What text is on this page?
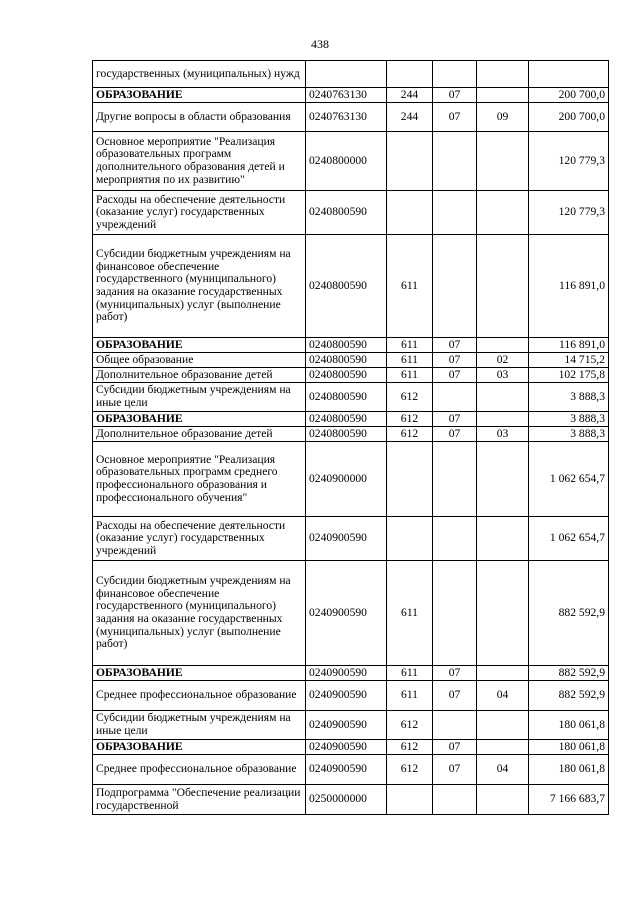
438
государственных (муниципальных) нужд					
ОБРАЗОВАНИЕ	0240763130	244	07		200 700,0
Другие вопросы в области образования	0240763130	244	07	09	200 700,0
Основное мероприятие "Реализация образовательных программ дополнительного образования детей и мероприятия по их развитию"	0240800000				120 779,3
Расходы на обеспечение деятельности (оказание услуг) государственных учреждений	0240800590				120 779,3
Субсидии бюджетным учреждениям на финансовое обеспечение государственного (муниципального) задания на оказание государственных (муниципальных) услуг (выполнение работ)	0240800590	611			116 891,0
ОБРАЗОВАНИЕ	0240800590	611	07		116 891,0
Общее образование	0240800590	611	07	02	14 715,2
Дополнительное образование детей	0240800590	611	07	03	102 175,8
Субсидии бюджетным учреждениям на иные цели	0240800590	612			3 888,3
ОБРАЗОВАНИЕ	0240800590	612	07		3 888,3
Дополнительное образование детей	0240800590	612	07	03	3 888,3
Основное мероприятие "Реализация образовательных программ среднего профессионального образования и профессионального обучения"	0240900000				1 062 654,7
Расходы на обеспечение деятельности (оказание услуг) государственных учреждений	0240900590				1 062 654,7
Субсидии бюджетным учреждениям на финансовое обеспечение государственного (муниципального) задания на оказание государственных (муниципальных) услуг (выполнение работ)	0240900590	611			882 592,9
ОБРАЗОВАНИЕ	0240900590	611	07		882 592,9
Среднее профессиональное образование	0240900590	611	07	04	882 592,9
Субсидии бюджетным учреждениям на иные цели	0240900590	612			180 061,8
ОБРАЗОВАНИЕ	0240900590	612	07		180 061,8
Среднее профессиональное образование	0240900590	612	07	04	180 061,8
Подпрограмма "Обеспечение реализации государственной	0250000000				7 166 683,7
